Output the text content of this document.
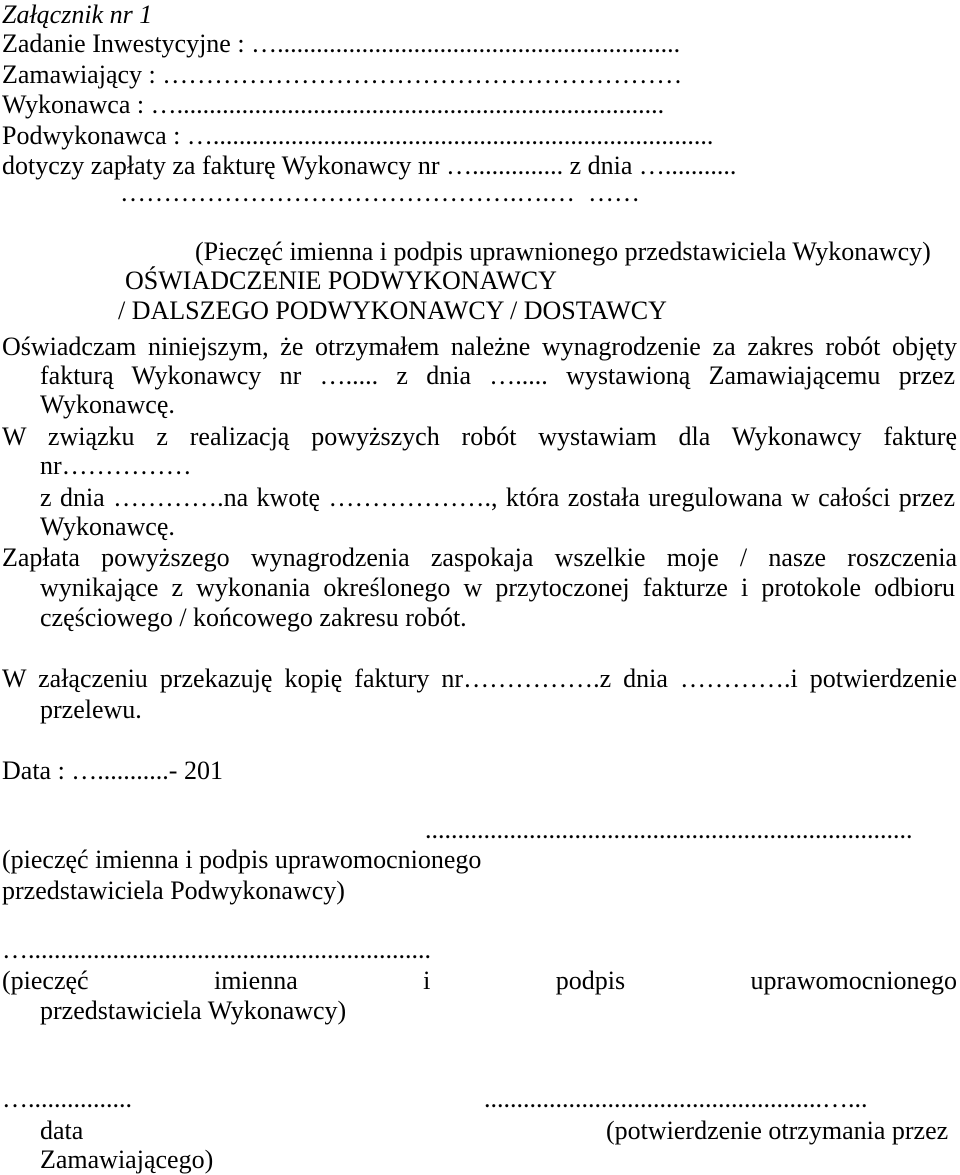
Załącznik nr 1
Zadanie Inwestycyjne : …..............................................................
Zamawiający : ……………………………………………………
Wykonawca : …...........................................................................
Podwykonawca : ….............................................................................
dotyczy zapłaty za fakturę Wykonawcy nr ….............. z dnia …...........
……………………………………….….…  ……
(Pieczęć imienna i podpis uprawnionego przedstawiciela Wykonawcy)
OŚWIADCZENIE PODWYKONAWCY
/ DALSZEGO PODWYKONAWCY / DOSTAWCY
Oświadczam niniejszym, że otrzymałem należne wynagrodzenie za zakres robót objęty
fakturą Wykonawcy nr …..... z dnia …..... wystawioną Zamawiającemu przez
Wykonawcę.
W związku z realizacją powyższych robót wystawiam dla Wykonawcy fakturę
nr……………
z dnia ………….na kwotę ………………., która została uregulowana w całości przez
Wykonawcę.
Zapłata powyższego wynagrodzenia zaspokaja wszelkie moje / nasze roszczenia
wynikające z wykonania określonego w przytoczonej fakturze i protokole odbioru
częściowego / końcowego zakresu robót.
W załączeniu przekazuję kopię faktury nr…………….z dnia ………….i potwierdzenie
przelewu.
Data : …...........- 201
...........................................................................
(pieczęć imienna i podpis uprawomocnionego
przedstawiciela Podwykonawcy)
…..............................................................
(pieczęć imienna i podpis uprawomocnionego
przedstawiciela Wykonawcy)
…................	....................................................…...
data	(potwierdzenie otrzymania przez
Zamawiającego)
